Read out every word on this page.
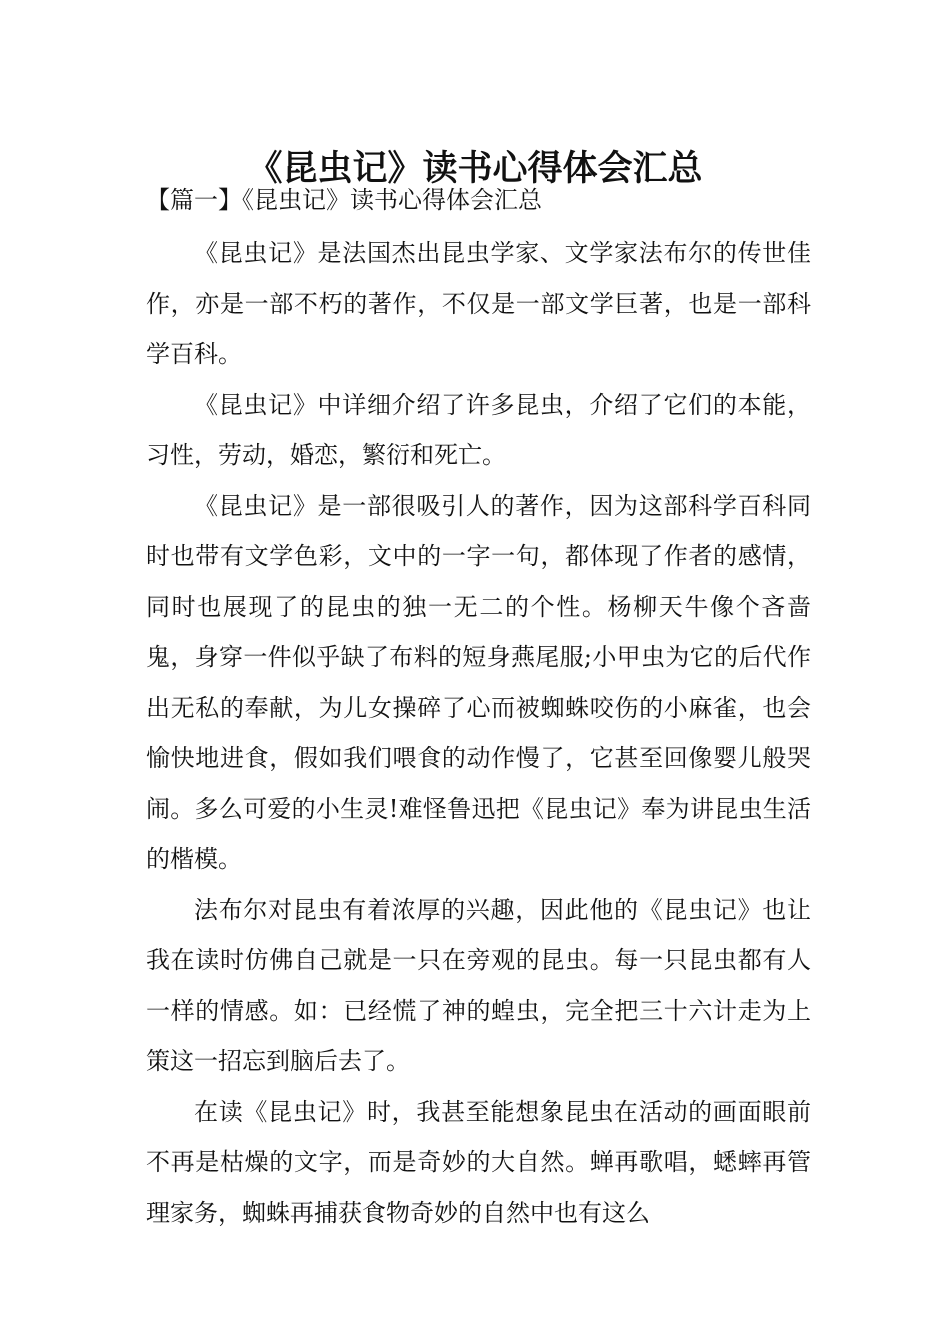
《昆虫记》读书心得体会汇总
【篇一】《昆虫记》读书心得体会汇总

《昆虫记》是法国杰出昆虫学家、文学家法布尔的传世佳作，亦是一部不朽的著作，不仅是一部文学巨著，也是一部科学百科。

《昆虫记》中详细介绍了许多昆虫，介绍了它们的本能，习性，劳动，婚恋，繁衍和死亡。

《昆虫记》是一部很吸引人的著作，因为这部科学百科同时也带有文学色彩，文中的一字一句，都体现了作者的感情，同时也展现了的昆虫的独一无二的个性。杨柳天牛像个吝啬鬼，身穿一件似乎缺了布料的短身燕尾服;小甲虫为它的后代作出无私的奉献，为儿女操碎了心而被蜘蛛咬伤的小麻雀，也会愉快地进食，假如我们喂食的动作慢了，它甚至回像婴儿般哭闹。多么可爱的小生灵!难怪鲁迅把《昆虫记》奉为讲昆虫生活的楷模。

法布尔对昆虫有着浓厚的兴趣，因此他的《昆虫记》也让我在读时仿佛自己就是一只在旁观的昆虫。每一只昆虫都有人一样的情感。如：已经慌了神的蝗虫，完全把三十六计走为上策这一招忘到脑后去了。

在读《昆虫记》时，我甚至能想象昆虫在活动的画面眼前不再是枯燥的文字，而是奇妙的大自然。蝉再歌唱，蟋蟀再管理家务，蜘蛛再捕获食物奇妙的自然中也有这么
